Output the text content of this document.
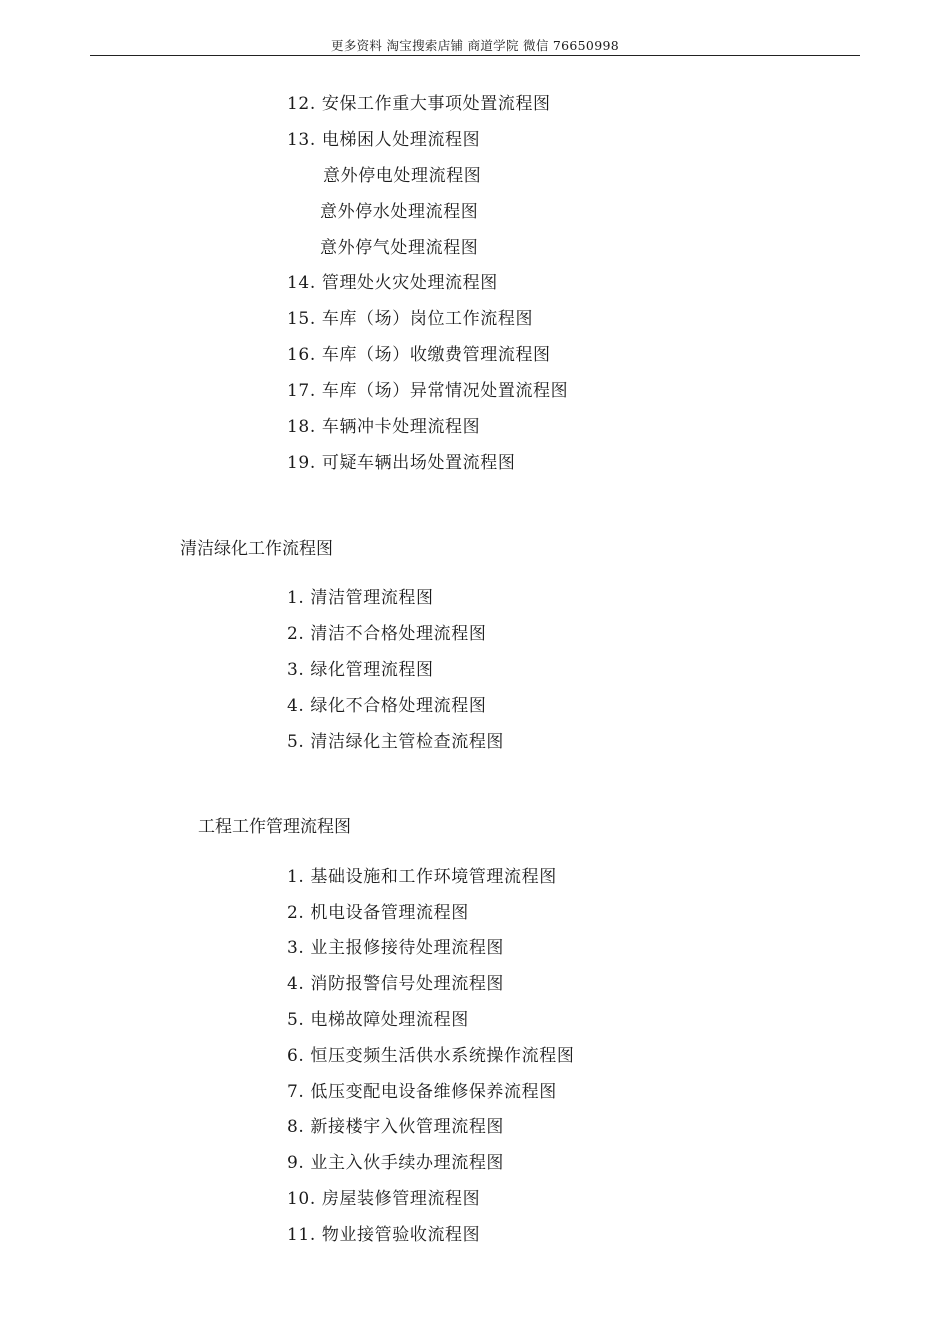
更多资料 淘宝搜索店铺 商道学院 微信 76650998
12. 安保工作重大事项处置流程图
13. 电梯困人处理流程图
意外停电处理流程图
意外停水处理流程图
意外停气处理流程图
14. 管理处火灾处理流程图
15. 车库（场）岗位工作流程图
16. 车库（场）收缴费管理流程图
17. 车库（场）异常情况处置流程图
18. 车辆冲卡处理流程图
19. 可疑车辆出场处置流程图
清洁绿化工作流程图
1. 清洁管理流程图
2. 清洁不合格处理流程图
3. 绿化管理流程图
4. 绿化不合格处理流程图
5. 清洁绿化主管检查流程图
工程工作管理流程图
1. 基础设施和工作环境管理流程图
2. 机电设备管理流程图
3. 业主报修接待处理流程图
4. 消防报警信号处理流程图
5. 电梯故障处理流程图
6. 恒压变频生活供水系统操作流程图
7. 低压变配电设备维修保养流程图
8. 新接楼宇入伙管理流程图
9. 业主入伙手续办理流程图
10. 房屋装修管理流程图
11. 物业接管验收流程图
